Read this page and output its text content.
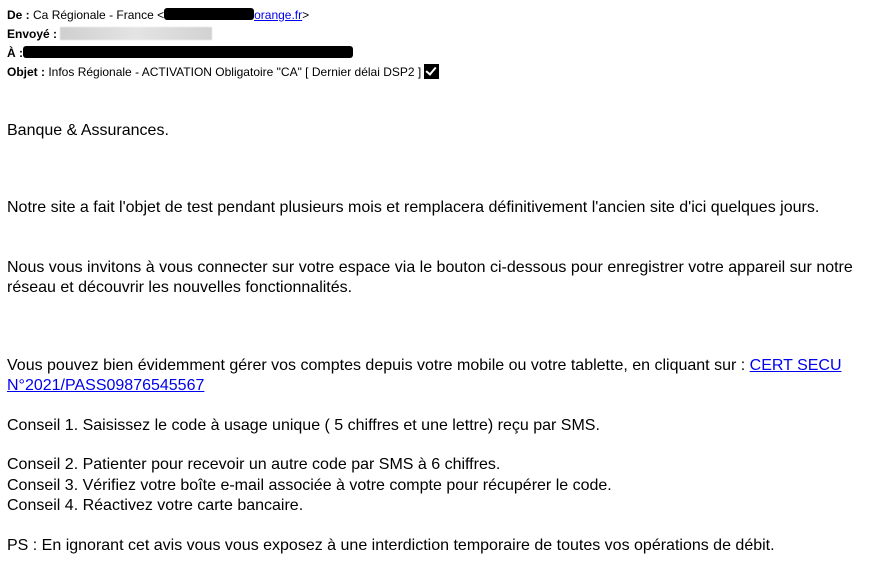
De : Ca Régionale - France <	orange.fr>
Envoyé :
À :
Objet : Infos Régionale - ACTIVATION Obligatoire "CA" [ Dernier délai DSP2 ]

Banque & Assurances.

Notre site a fait l'objet de test pendant plusieurs mois et remplacera définitivement l'ancien site d'ici quelques jours.

Nous vous invitons à vous connecter sur votre espace via le bouton ci-dessous pour enregistrer votre appareil sur notre réseau et découvrir les nouvelles fonctionnalités.

Vous pouvez bien évidemment gérer vos comptes depuis votre mobile ou votre tablette, en cliquant sur : CERT SECU N°2021/PASS09876545567

Conseil 1. Saisissez le code à usage unique ( 5 chiffres et une lettre) reçu par SMS.

Conseil 2. Patienter pour recevoir un autre code par SMS à 6 chiffres.

Conseil 3. Vérifiez votre boîte e-mail associée à votre compte pour récupérer le code.

Conseil 4. Réactivez votre carte bancaire.

PS : En ignorant cet avis vous vous exposez à une interdiction temporaire de toutes vos opérations de débit.
